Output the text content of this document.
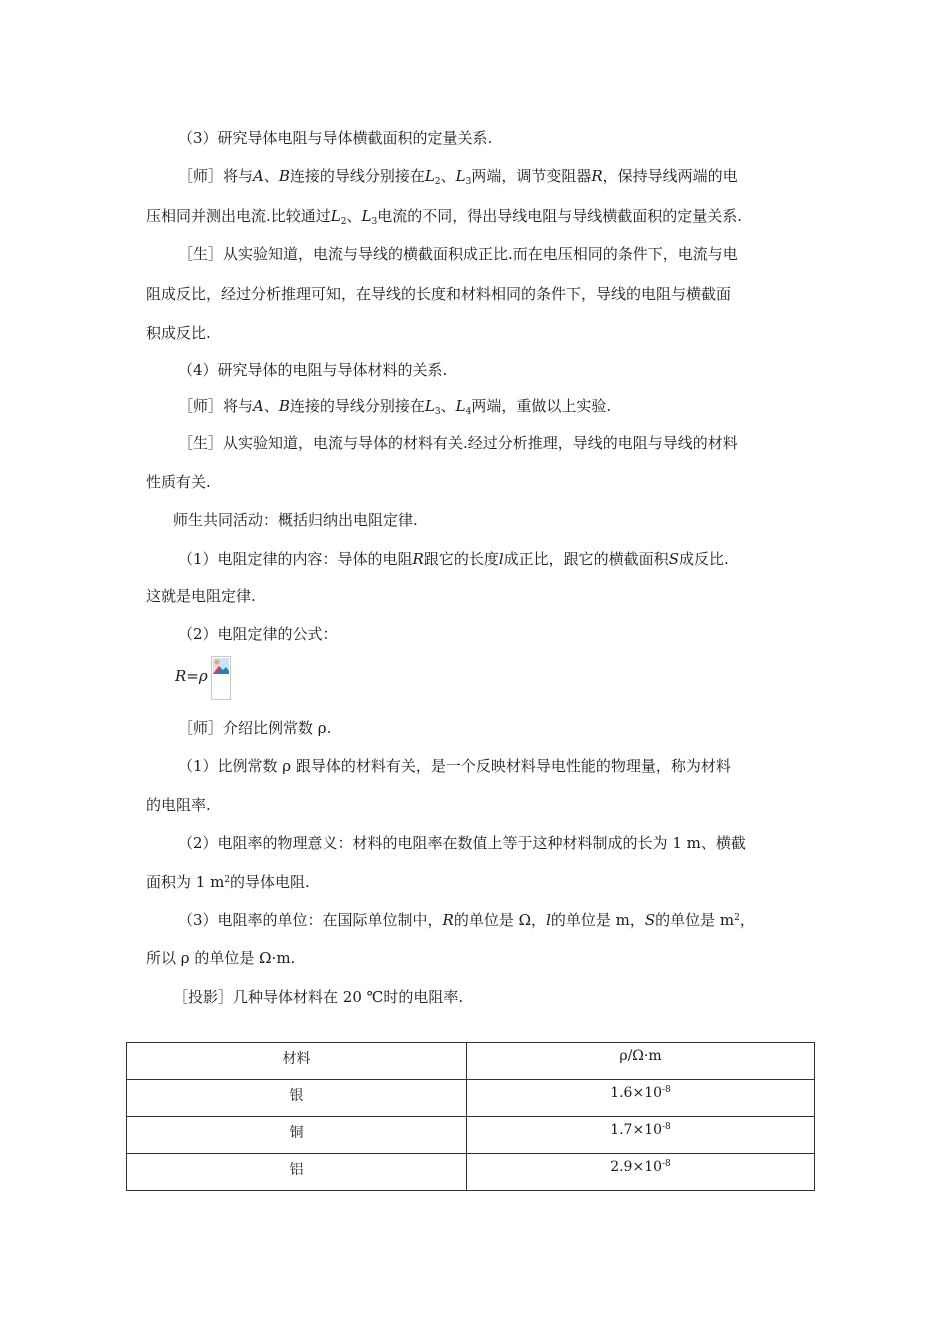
（3）研究导体电阻与导体横截面积的定量关系.
［师］将与A、B连接的导线分别接在$L_2$、$L_3$两端，调节变阻器R，保持导线两端的电
压相同并测出电流.比较通过$L_2$、$L_3$电流的不同，得出导线电阻与导线横截面积的定量关系.
［生］从实验知道，电流与导线的横截面积成正比.而在电压相同的条件下，电流与电
阻成反比，经过分析推理可知，在导线的长度和材料相同的条件下，导线的电阻与横截面
积成反比.
（4）研究导体的电阻与导体材料的关系.
［师］将与A、B连接的导线分别接在$L_3$、$L_4$两端，重做以上实验.
［生］从实验知道，电流与导体的材料有关.经过分析推理，导线的电阻与导线的材料
性质有关.
师生共同活动：概括归纳出电阻定律.
（1）电阻定律的内容：导体的电阻R跟它的长度l成正比，跟它的横截面积S成反比.
这就是电阻定律.
（2）电阻定律的公式：
R=ρ
［师］介绍比例常数 ρ.
（1）比例常数 ρ 跟导体的材料有关，是一个反映材料导电性能的物理量，称为材料
的电阻率.
（2）电阻率的物理意义：材料的电阻率在数值上等于这种材料制成的长为 1 m、横截
面积为 1 $m^2$的导体电阻.
（3）电阻率的单位：在国际单位制中，R的单位是 Ω，l的单位是 m，S的单位是 $m^2$，
所以 ρ 的单位是 Ω·m.
［投影］几种导体材料在 20 ℃时的电阻率.
材料	ρ/Ω·m
银	$1.6\times 10^{-8}$
铜	$1.7\times 10^{-8}$
铝	$2.9\times 10^{-8}$
